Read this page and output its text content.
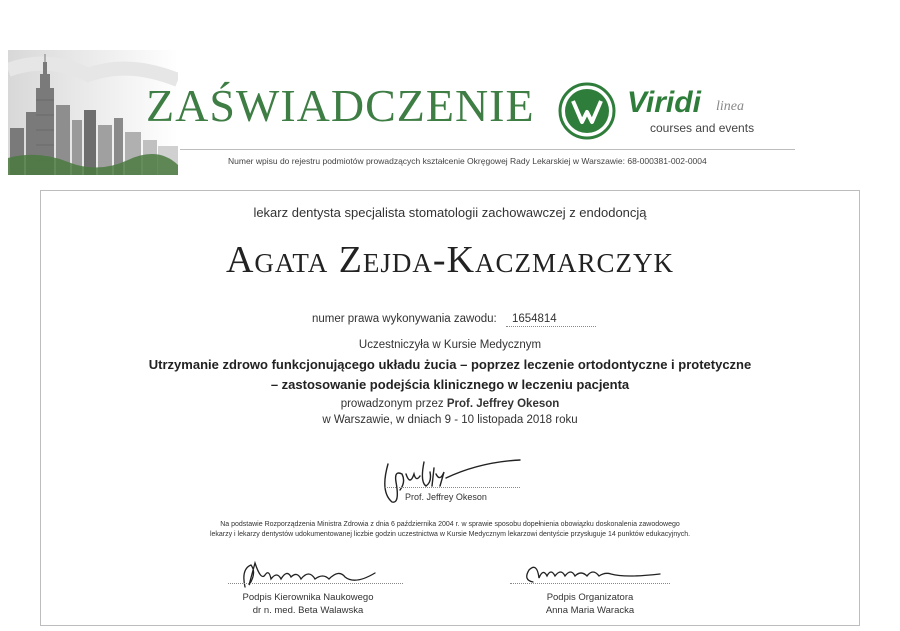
ZAŚWIADCZENIE	Viridi linea
courses and events
Numer wpisu do rejestru podmiotów prowadzących kształcenie Okręgowej Rady Lekarskiej w Warszawie: 68-000381-002-0004
lekarz dentysta specjalista stomatologii zachowawczej z endodoncją
Agata Zejda-Kaczmarczyk
numer prawa wykonywania zawodu: 1654814
Uczestniczyła w Kursie Medycznym
Utrzymanie zdrowo funkcjonującego układu żucia – poprzez leczenie ortodontyczne i protetyczne
– zastosowanie podejścia klinicznego w leczeniu pacjenta
prowadzonym przez Prof. Jeffrey Okeson
w Warszawie, w dniach 9 - 10 listopada 2018 roku
Prof. Jeffrey Okeson
Na podstawie Rozporządzenia Ministra Zdrowia z dnia 6 października 2004 r. w sprawie sposobu dopełnienia obowiązku doskonalenia zawodowego
lekarzy i lekarzy dentystów udokumentowanej liczbie godzin uczestnictwa w Kursie Medycznym lekarzowi dentyście przysługuje 14 punktów edukacyjnych.
Podpis Kierownika Naukowego
dr n. med. Beta Walawska
Podpis Organizatora
Anna Maria Waracka
